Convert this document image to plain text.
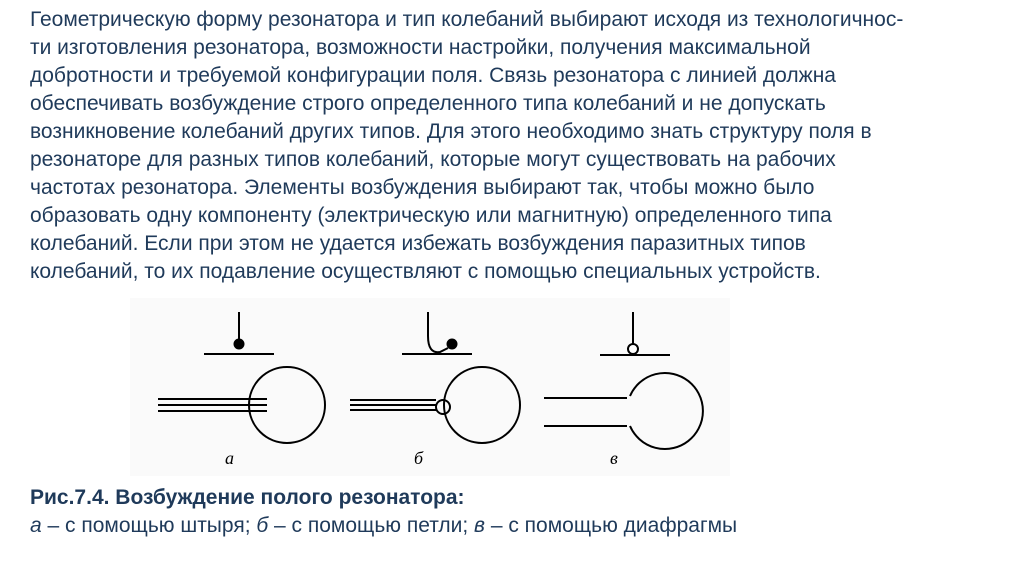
Геометрическую форму резонатора и тип колебаний выбирают исходя из технологичнос-
ти изготовления резонатора, возможности настройки, получения максимальной
добротности и требуемой конфигурации поля. Связь резонатора с линией должна
обеспечивать возбуждение строго определенного типа колебаний и не допускать
возникновение колебаний других типов. Для этого необходимо знать структуру поля в
резонаторе для разных типов колебаний, которые могут существовать на рабочих
частотах резонатора. Элементы возбуждения выбирают так, чтобы можно было
образовать одну компоненту (электрическую или магнитную) определенного типа
колебаний. Если при этом не удается избежать возбуждения паразитных типов
колебаний, то их подавление осуществляют с помощью специальных устройств.
а	б	в
Рис.7.4. Возбуждение полого резонатора:
а – с помощью штыря; б – с помощью петли; в – с помощью диафрагмы
